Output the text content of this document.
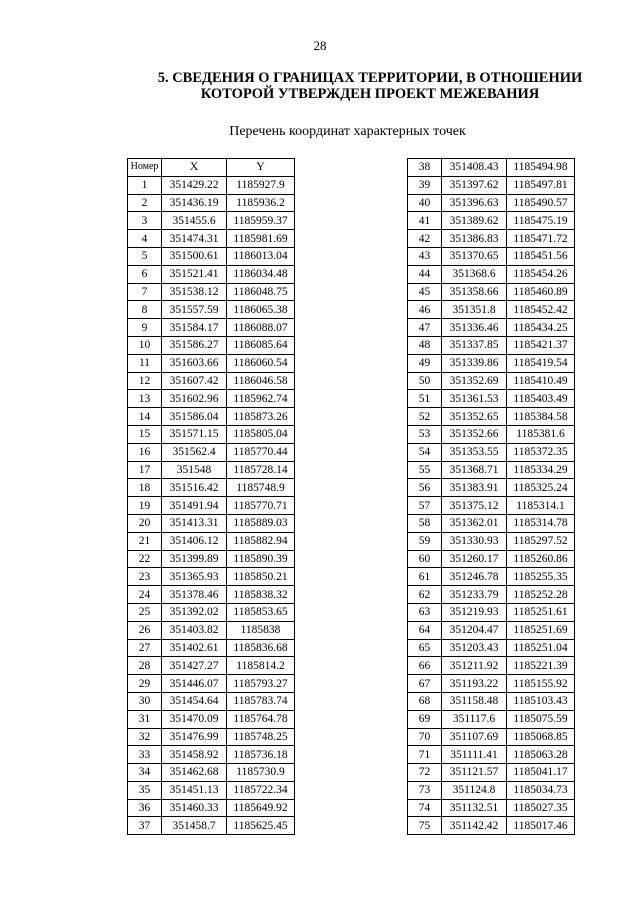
28
5. СВЕДЕНИЯ О ГРАНИЦАХ ТЕРРИТОРИИ, В ОТНОШЕНИИ
КОТОРОЙ УТВЕРЖДЕН ПРОЕКТ МЕЖЕВАНИЯ
Перечень координат характерных точек
Номер	X	Y
1	351429.22	1185927.9
2	351436.19	1185936.2
3	351455.6	1185959.37
4	351474.31	1185981.69
5	351500.61	1186013.04
6	351521.41	1186034.48
7	351538.12	1186048.75
8	351557.59	1186065.38
9	351584.17	1186088.07
10	351586.27	1186085.64
11	351603.66	1186060.54
12	351607.42	1186046.58
13	351602.96	1185962.74
14	351586.04	1185873.26
15	351571.15	1185805.04
16	351562.4	1185770.44
17	351548	1185728.14
18	351516.42	1185748.9
19	351491.94	1185770.71
20	351413.31	1185889.03
21	351406.12	1185882.94
22	351399.89	1185890.39
23	351365.93	1185850.21
24	351378.46	1185838.32
25	351392.02	1185853.65
26	351403.82	1185838
27	351402.61	1185836.68
28	351427.27	1185814.2
29	351446.07	1185793.27
30	351454.64	1185783.74
31	351470.09	1185764.78
32	351476.99	1185748.25
33	351458.92	1185736.18
34	351462.68	1185730.9
35	351451.13	1185722.34
36	351460.33	1185649.92
37	351458.7	1185625.45
38	351408.43	1185494.98
39	351397.62	1185497.81
40	351396.63	1185490.57
41	351389.62	1185475.19
42	351386.83	1185471.72
43	351370.65	1185451.56
44	351368.6	1185454.26
45	351358.66	1185460.89
46	351351.8	1185452.42
47	351336.46	1185434.25
48	351337.85	1185421.37
49	351339.86	1185419.54
50	351352.69	1185410.49
51	351361.53	1185403.49
52	351352.65	1185384.58
53	351352.66	1185381.6
54	351353.55	1185372.35
55	351368.71	1185334.29
56	351383.91	1185325.24
57	351375.12	1185314.1
58	351362.01	1185314.78
59	351330.93	1185297.52
60	351260.17	1185260.86
61	351246.78	1185255.35
62	351233.79	1185252.28
63	351219.93	1185251.61
64	351204.47	1185251.69
65	351203.43	1185251.04
66	351211.92	1185221.39
67	351193.22	1185155.92
68	351158.48	1185103.43
69	351117.6	1185075.59
70	351107.69	1185068.85
71	351111.41	1185063.28
72	351121.57	1185041.17
73	351124.8	1185034.73
74	351132.51	1185027.35
75	351142.42	1185017.46
